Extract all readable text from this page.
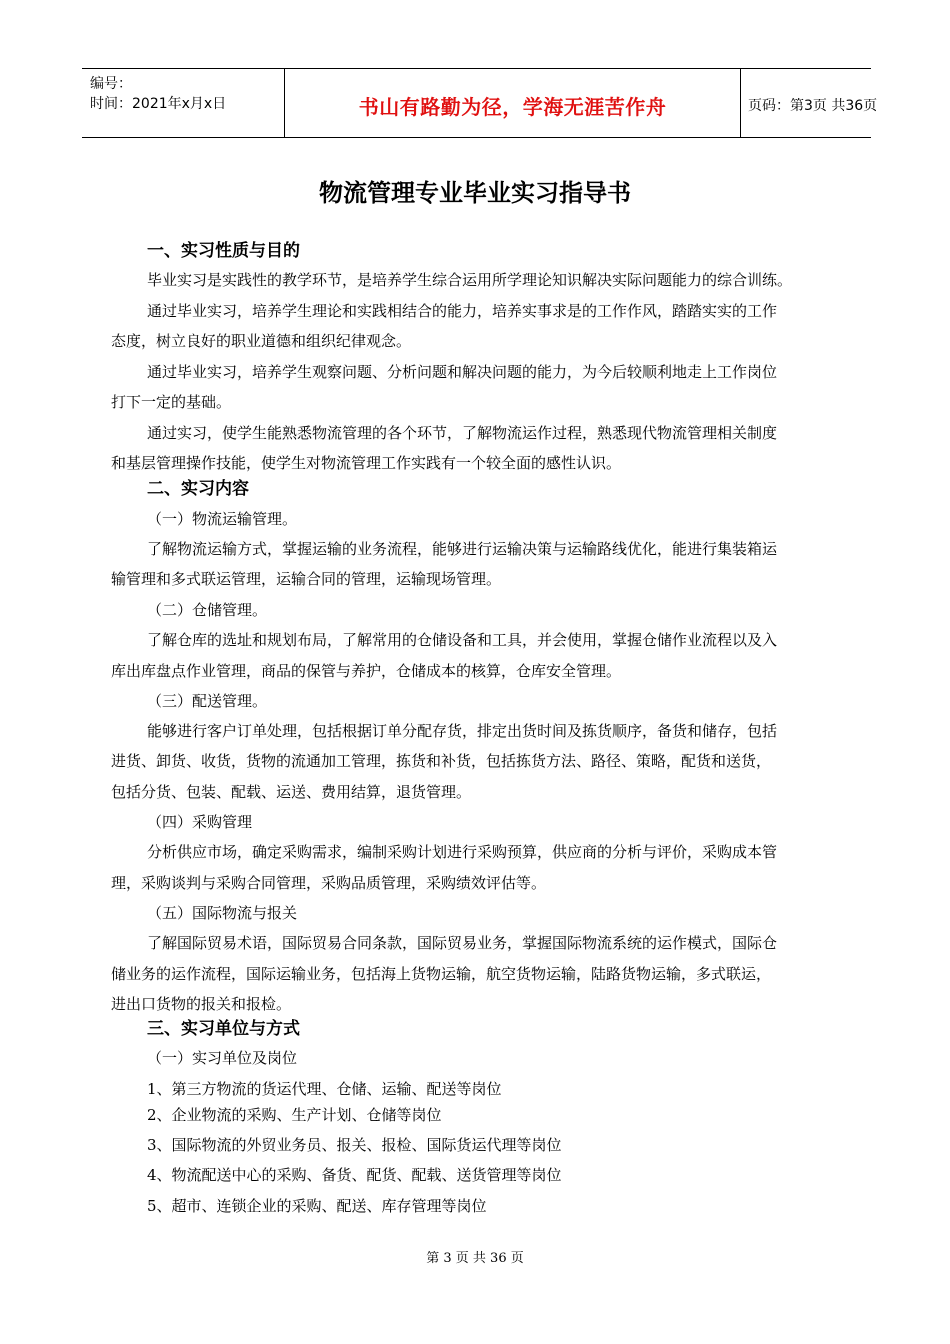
编号：
时间：2021年x月x日	书山有路勤为径，学海无涯苦作舟	页码：第3页 共36页
物流管理专业毕业实习指导书
一、实习性质与目的
毕业实习是实践性的教学环节，是培养学生综合运用所学理论知识解决实际问题能力的综合训练。
通过毕业实习，培养学生理论和实践相结合的能力，培养实事求是的工作作风，踏踏实实的工作
态度，树立良好的职业道德和组织纪律观念。
通过毕业实习，培养学生观察问题、分析问题和解决问题的能力，为今后较顺利地走上工作岗位
打下一定的基础。
通过实习，使学生能熟悉物流管理的各个环节，了解物流运作过程，熟悉现代物流管理相关制度
和基层管理操作技能，使学生对物流管理工作实践有一个较全面的感性认识。
二、实习内容
（一）物流运输管理。
了解物流运输方式，掌握运输的业务流程，能够进行运输决策与运输路线优化，能进行集装箱运
输管理和多式联运管理，运输合同的管理，运输现场管理。
（二）仓储管理。
了解仓库的选址和规划布局，了解常用的仓储设备和工具，并会使用，掌握仓储作业流程以及入
库出库盘点作业管理，商品的保管与养护，仓储成本的核算，仓库安全管理。
（三）配送管理。
能够进行客户订单处理，包括根据订单分配存货，排定出货时间及拣货顺序，备货和储存，包括
进货、卸货、收货，货物的流通加工管理，拣货和补货，包括拣货方法、路径、策略，配货和送货，
包括分货、包装、配载、运送、费用结算，退货管理。
（四）采购管理
分析供应市场，确定采购需求，编制采购计划进行采购预算，供应商的分析与评价，采购成本管
理，采购谈判与采购合同管理，采购品质管理，采购绩效评估等。
（五）国际物流与报关
了解国际贸易术语，国际贸易合同条款，国际贸易业务，掌握国际物流系统的运作模式，国际仓
储业务的运作流程，国际运输业务，包括海上货物运输，航空货物运输，陆路货物运输，多式联运，
进出口货物的报关和报检。
三、实习单位与方式
（一）实习单位及岗位
1、第三方物流的货运代理、仓储、运输、配送等岗位
2、企业物流的采购、生产计划、仓储等岗位
3、国际物流的外贸业务员、报关、报检、国际货运代理等岗位
4、物流配送中心的采购、备货、配货、配载、送货管理等岗位
5、超市、连锁企业的采购、配送、库存管理等岗位
第 3 页 共 36 页
